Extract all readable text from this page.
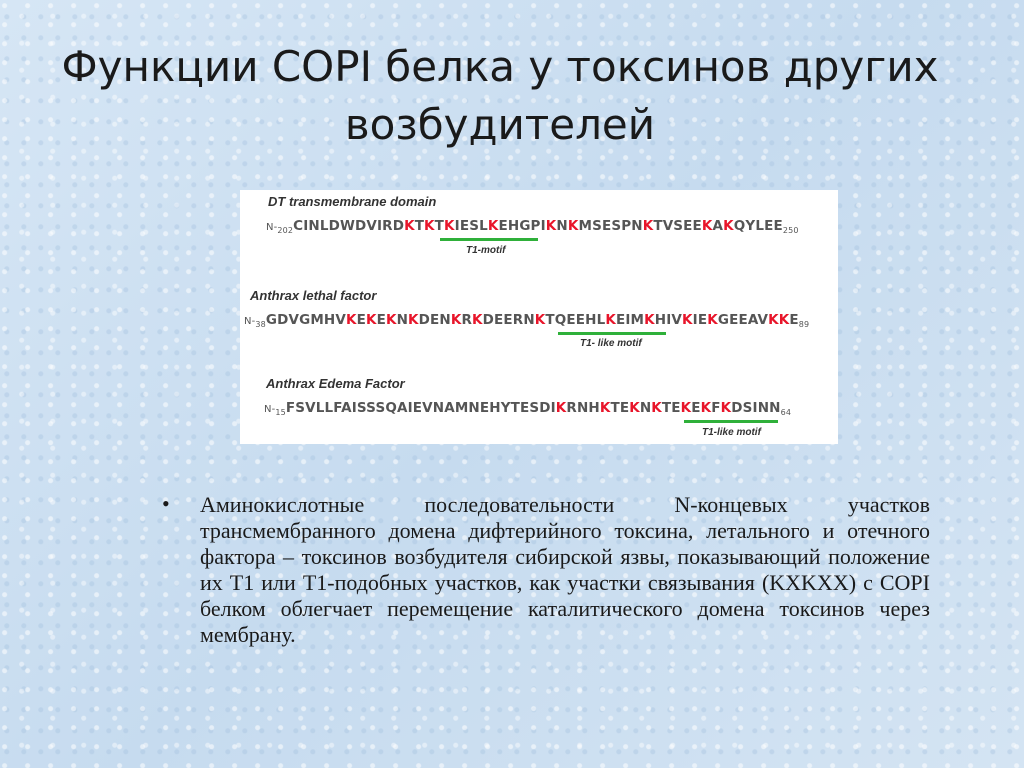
Функции COPI белка у токсинов других возбудителей
DT transmembrane domain
$N-_{202}CINLDWDVIRDKTKTKIESLKEHGPIKNKMSESPNKTVSEEKAKQYLEE_{250}$
T1-motif
Anthrax lethal factor
$N-_{38}GDVGMHVKEKEKNKDENKRKDEERNKTQEEHLKEIMKHIVKIEKGEEAVKKE_{89}$
T1- like motif
Anthrax Edema Factor
$N-_{15}FSVLLFAISSSQAIEVNAMNEHYTESDIKRNHKTEKNKTEKEKFKDSINN_{64}$
T1-like motif
•	Аминокислотные последовательности N-концевых участков трансмембранного домена дифтерийного токсина, летального и отечного фактора – токсинов возбудителя сибирской язвы, показывающий положение их Т1 или Т1-подобных участков, как участки связывания (KXKXX) с COPI белком облегчает перемещение каталитического домена токсинов через мембрану.
